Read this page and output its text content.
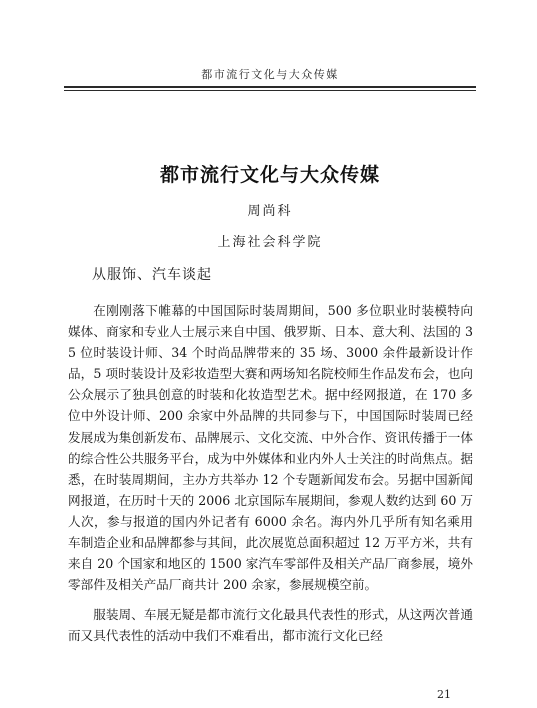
都市流行文化与大众传媒
都市流行文化与大众传媒
周尚科
上海社会科学院
从服饰、汽车谈起

在刚刚落下帷幕的中国国际时装周期间，500 多位职业时装模特向媒体、商家和专业人士展示来自中国、俄罗斯、日本、意大利、法国的 35 位时装设计师、34 个时尚品牌带来的 35 场、3000 余件最新设计作品，5 项时装设计及彩妆造型大赛和两场知名院校师生作品发布会，也向公众展示了独具创意的时装和化妆造型艺术。据中经网报道，在 170 多位中外设计师、200 余家中外品牌的共同参与下，中国国际时装周已经发展成为集创新发布、品牌展示、文化交流、中外合作、资讯传播于一体的综合性公共服务平台，成为中外媒体和业内外人士关注的时尚焦点。据悉，在时装周期间，主办方共举办 12 个专题新闻发布会。另据中国新闻网报道，在历时十天的 2006 北京国际车展期间，参观人数约达到 60 万人次，参与报道的国内外记者有 6000 余名。海内外几乎所有知名乘用车制造企业和品牌都参与其间，此次展览总面积超过 12 万平方米，共有来自 20 个国家和地区的 1500 家汽车零部件及相关产品厂商参展，境外零部件及相关产品厂商共计 200 余家，参展规模空前。

服装周、车展无疑是都市流行文化最具代表性的形式，从这两次普通而又具代表性的活动中我们不难看出，都市流行文化已经

21
